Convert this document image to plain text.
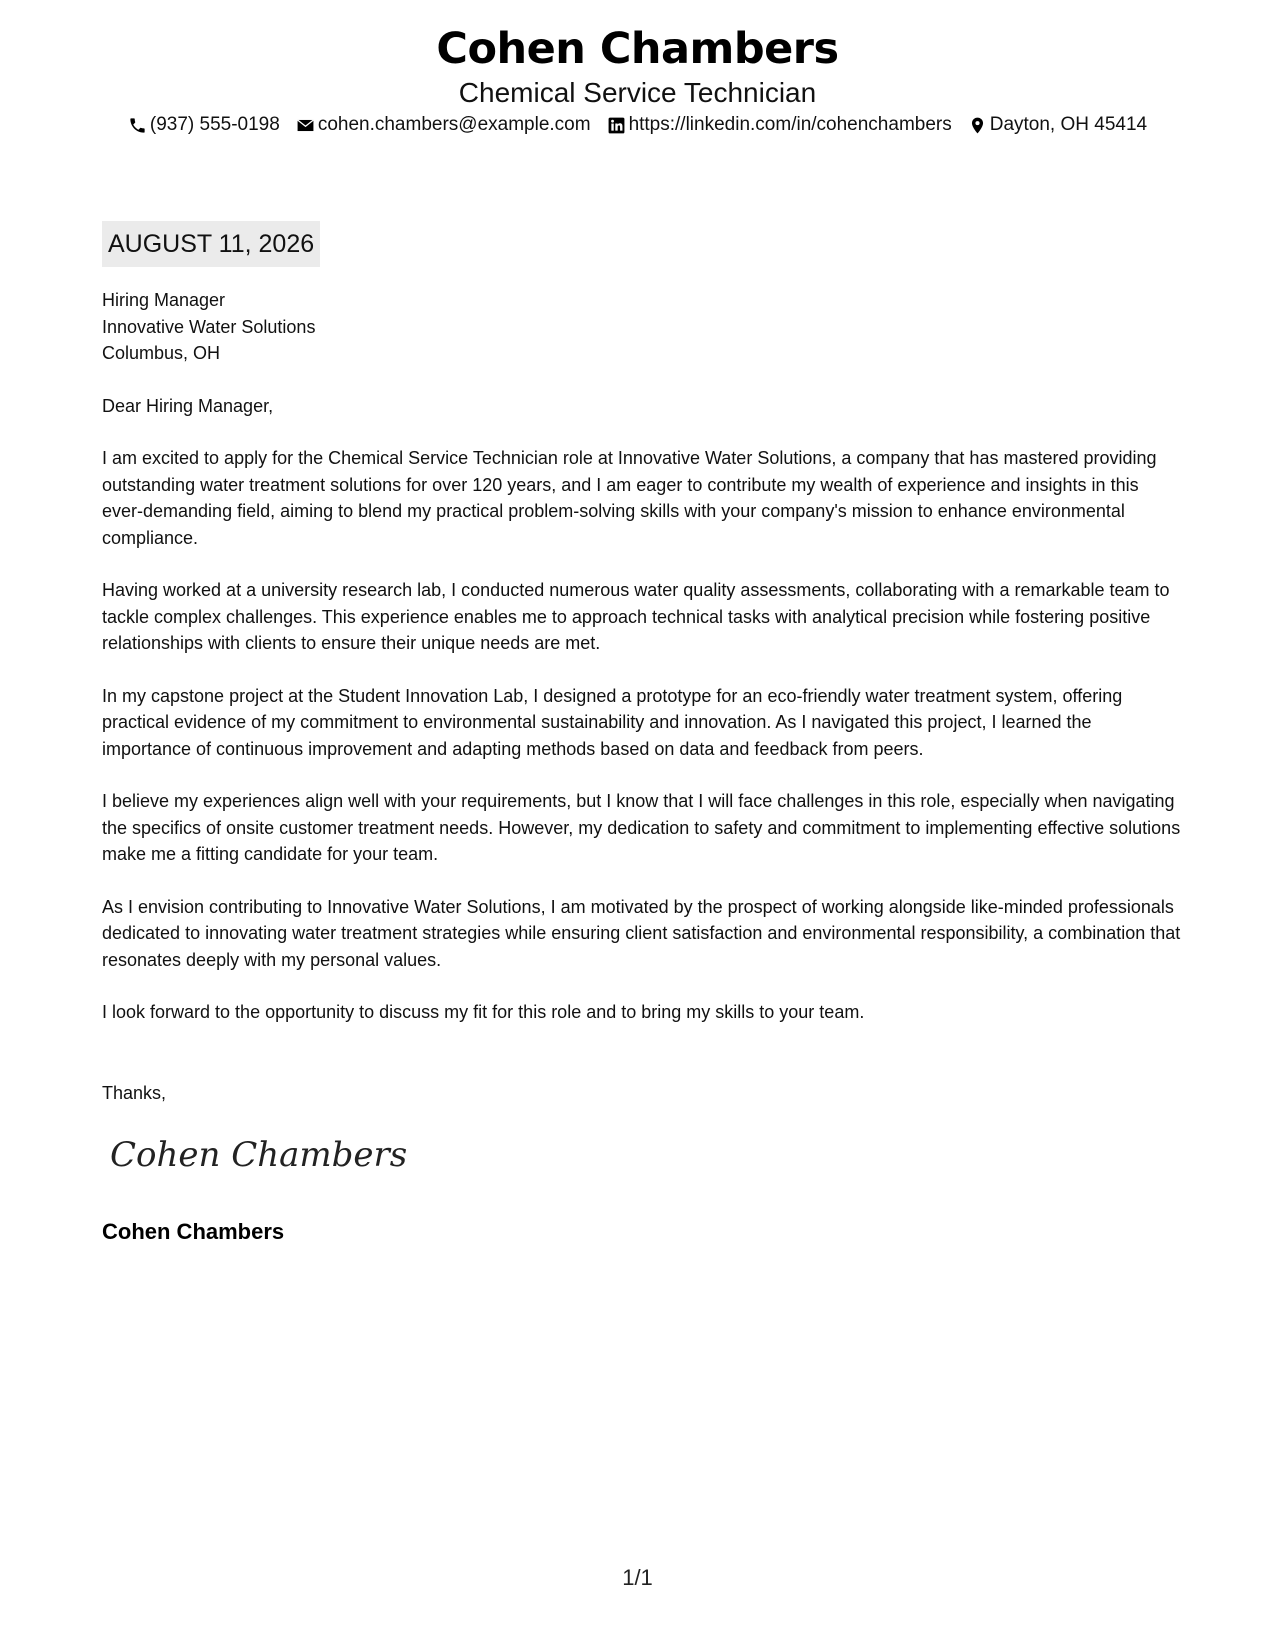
Cohen Chambers
Chemical Service Technician
(937) 555-0198 cohen.chambers@example.com https://linkedin.com/in/cohenchambers Dayton, OH 45414
AUGUST 11, 2026
Hiring Manager
Innovative Water Solutions
Columbus, OH
Dear Hiring Manager,
I am excited to apply for the Chemical Service Technician role at Innovative Water Solutions, a company that has mastered providing outstanding water treatment solutions for over 120 years, and I am eager to contribute my wealth of experience and insights in this ever-demanding field, aiming to blend my practical problem-solving skills with your company's mission to enhance environmental compliance.
Having worked at a university research lab, I conducted numerous water quality assessments, collaborating with a remarkable team to tackle complex challenges. This experience enables me to approach technical tasks with analytical precision while fostering positive relationships with clients to ensure their unique needs are met.
In my capstone project at the Student Innovation Lab, I designed a prototype for an eco-friendly water treatment system, offering practical evidence of my commitment to environmental sustainability and innovation. As I navigated this project, I learned the importance of continuous improvement and adapting methods based on data and feedback from peers.
I believe my experiences align well with your requirements, but I know that I will face challenges in this role, especially when navigating the specifics of onsite customer treatment needs. However, my dedication to safety and commitment to implementing effective solutions make me a fitting candidate for your team.
As I envision contributing to Innovative Water Solutions, I am motivated by the prospect of working alongside like-minded professionals dedicated to innovating water treatment strategies while ensuring client satisfaction and environmental responsibility, a combination that resonates deeply with my personal values.
I look forward to the opportunity to discuss my fit for this role and to bring my skills to your team.
Thanks,
Cohen Chambers
Cohen Chambers
1/1
